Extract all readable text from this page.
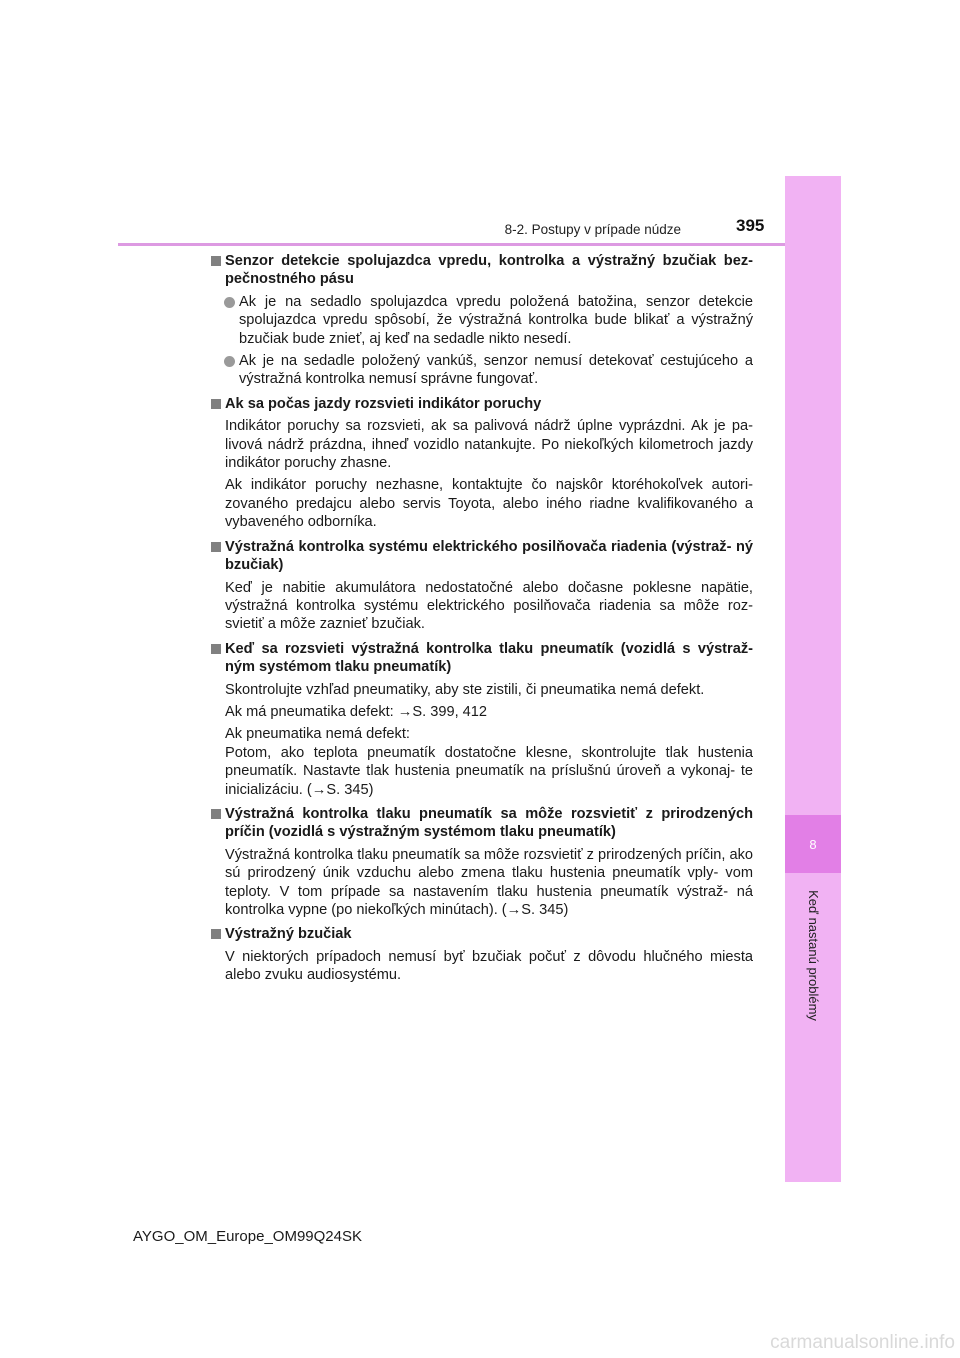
8
Keď nastanú problémy
8-2. Postupy v prípade núdze	395
Senzor detekcie spolujazdca vpredu, kontrolka a výstražný bzučiak bez- pečnostného pásu
Ak je na sedadlo spolujazdca vpredu položená batožina, senzor detekcie spolujazdca vpredu spôsobí, že výstražná kontrolka bude blikať a výstražný bzučiak bude znieť, aj keď na sedadle nikto nesedí.
Ak je na sedadle položený vankúš, senzor nemusí detekovať cestujúceho a výstražná kontrolka nemusí správne fungovať.
Ak sa počas jazdy rozsvieti indikátor poruchy
Indikátor poruchy sa rozsvieti, ak sa palivová nádrž úplne vyprázdni. Ak je pa- livová nádrž prázdna, ihneď vozidlo natankujte. Po niekoľkých kilometroch jazdy indikátor poruchy zhasne.
Ak indikátor poruchy nezhasne, kontaktujte čo najskôr ktoréhokoľvek autori- zovaného predajcu alebo servis Toyota, alebo iného riadne kvalifikovaného a vybaveného odborníka.
Výstražná kontrolka systému elektrického posilňovača riadenia (výstraž- ný bzučiak)
Keď je nabitie akumulátora nedostatočné alebo dočasne poklesne napätie, výstražná kontrolka systému elektrického posilňovača riadenia sa môže roz- svietiť a môže zaznieť bzučiak.
Keď sa rozsvieti výstražná kontrolka tlaku pneumatík (vozidlá s výstraž- ným systémom tlaku pneumatík)
Skontrolujte vzhľad pneumatiky, aby ste zistili, či pneumatika nemá defekt.
Ak má pneumatika defekt: →S. 399, 412
Ak pneumatika nemá defekt:
Potom, ako teplota pneumatík dostatočne klesne, skontrolujte tlak hustenia pneumatík. Nastavte tlak hustenia pneumatík na príslušnú úroveň a vykonaj- te inicializáciu. (→S. 345)
Výstražná kontrolka tlaku pneumatík sa môže rozsvietiť z prirodzených príčin (vozidlá s výstražným systémom tlaku pneumatík)
Výstražná kontrolka tlaku pneumatík sa môže rozsvietiť z prirodzených príčin, ako sú prirodzený únik vzduchu alebo zmena tlaku hustenia pneumatík vply- vom teploty. V tom prípade sa nastavením tlaku hustenia pneumatík výstraž- ná kontrolka vypne (po niekoľkých minútach). (→S. 345)
Výstražný bzučiak
V niektorých prípadoch nemusí byť bzučiak počuť z dôvodu hlučného miesta alebo zvuku audiosystému.
AYGO_OM_Europe_OM99Q24SK
carmanualsonline.info
